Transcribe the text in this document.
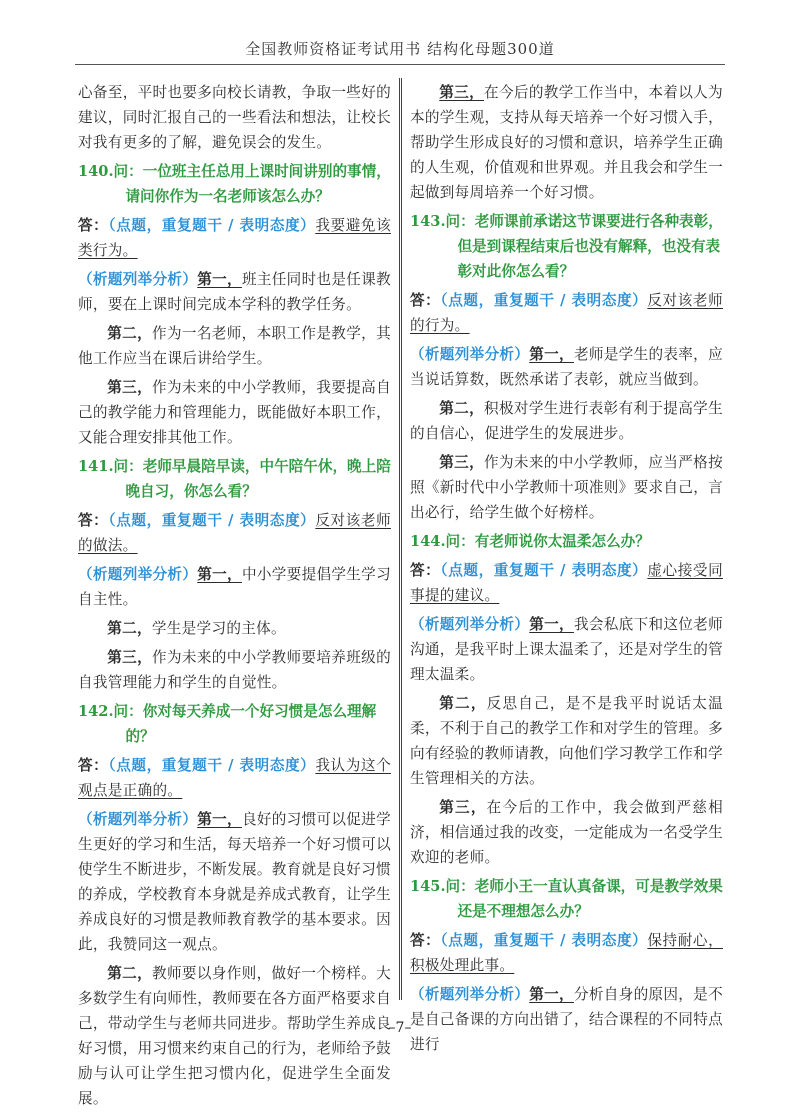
全国教师资格证考试用书 结构化母题300道

心备至，平时也要多向校长请教，争取一些好的建议，同时汇报自己的一些看法和想法，让校长对我有更多的了解，避免误会的发生。

140.问：一位班主任总用上课时间讲别的事情，请问你作为一名老师该怎么办？

答：（点题，重复题干 / 表明态度）我要避免该类行为。

（析题列举分析）第一，班主任同时也是任课教师，要在上课时间完成本学科的教学任务。

第二，作为一名老师，本职工作是教学，其他工作应当在课后讲给学生。

第三，作为未来的中小学教师，我要提高自己的教学能力和管理能力，既能做好本职工作，又能合理安排其他工作。

141.问：老师早晨陪早读，中午陪午休，晚上陪晚自习，你怎么看？

答：（点题，重复题干 / 表明态度）反对该老师的做法。

（析题列举分析）第一，中小学要提倡学生学习自主性。

第二，学生是学习的主体。

第三，作为未来的中小学教师要培养班级的自我管理能力和学生的自觉性。

142.问：你对每天养成一个好习惯是怎么理解的？

答：（点题，重复题干 / 表明态度）我认为这个观点是正确的。

（析题列举分析）第一，良好的习惯可以促进学生更好的学习和生活，每天培养一个好习惯可以使学生不断进步，不断发展。教育就是良好习惯的养成，学校教育本身就是养成式教育，让学生养成良好的习惯是教师教育教学的基本要求。因此，我赞同这一观点。

第二，教师要以身作则，做好一个榜样。大多数学生有向师性，教师要在各方面严格要求自己，带动学生与老师共同进步。帮助学生养成良好习惯，用习惯来约束自己的行为，老师给予鼓励与认可让学生把习惯内化，促进学生全面发展。

第三，在今后的教学工作当中，本着以人为本的学生观，支持从每天培养一个好习惯入手，帮助学生形成良好的习惯和意识，培养学生正确的人生观，价值观和世界观。并且我会和学生一起做到每周培养一个好习惯。

143.问：老师课前承诺这节课要进行各种表彰，但是到课程结束后也没有解释，也没有表彰对此你怎么看？

答：（点题，重复题干 / 表明态度）反对该老师的行为。

（析题列举分析）第一，老师是学生的表率，应当说话算数，既然承诺了表彰，就应当做到。

第二，积极对学生进行表彰有利于提高学生的自信心，促进学生的发展进步。

第三，作为未来的中小学教师，应当严格按照《新时代中小学教师十项准则》要求自己，言出必行，给学生做个好榜样。

144.问：有老师说你太温柔怎么办？

答：（点题，重复题干 / 表明态度）虚心接受同事提的建议。

（析题列举分析）第一，我会私底下和这位老师沟通，是我平时上课太温柔了，还是对学生的管理太温柔。

第二，反思自己，是不是我平时说话太温柔，不利于自己的教学工作和对学生的管理。多向有经验的教师请教，向他们学习教学工作和学生管理相关的方法。

第三，在今后的工作中，我会做到严慈相济，相信通过我的改变，一定能成为一名受学生欢迎的老师。

145.问：老师小王一直认真备课，可是教学效果还是不理想怎么办？

答：（点题，重复题干 / 表明态度）保持耐心，积极处理此事。

（析题列举分析）第一，分析自身的原因，是不是自己备课的方向出错了，结合课程的不同特点进行

–7–
